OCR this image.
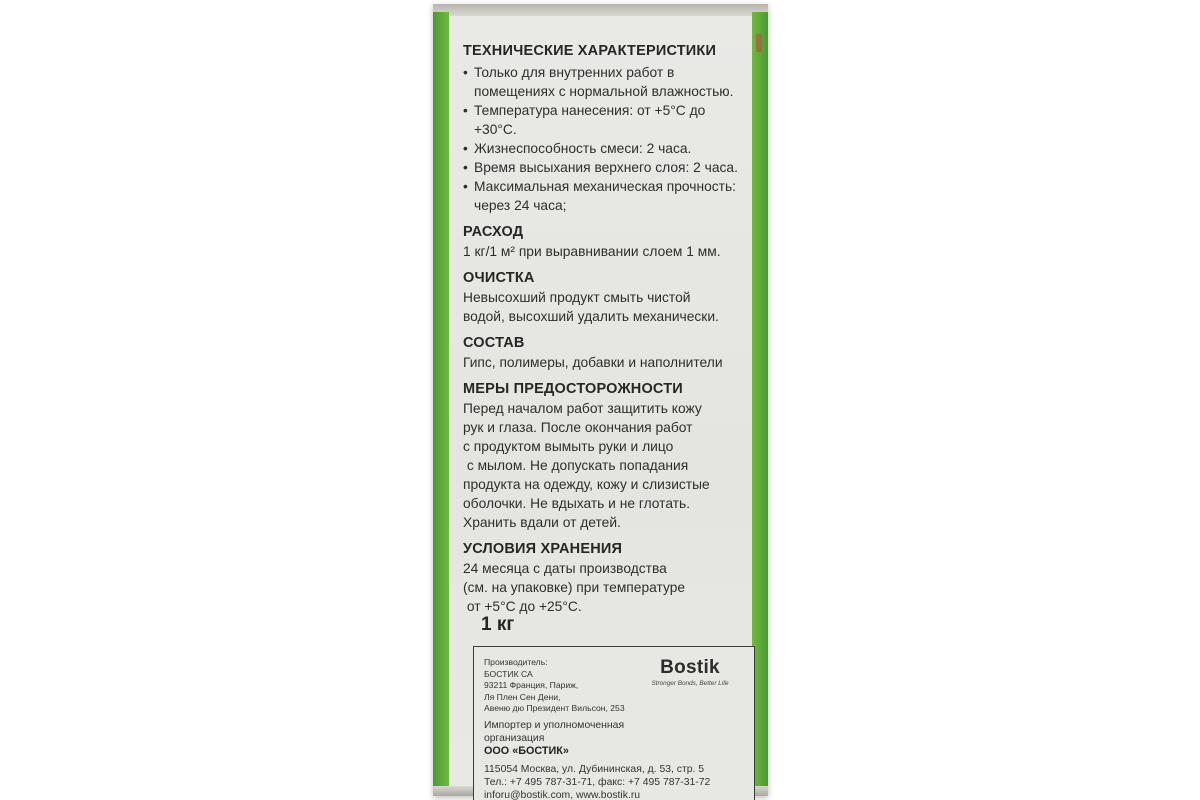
ТЕХНИЧЕСКИЕ ХАРАКТЕРИСТИКИ

• Только для внутренних работ в
помещениях с нормальной влажностью.
• Температура нанесения: от +5°С до +30°С.
• Жизнеспособность смеси: 2 часа.
• Время высыхания верхнего слоя: 2 часа.
• Максимальная механическая прочность:
через 24 часа;

РАСХОД

1 кг/1 м² при выравнивании слоем 1 мм.

ОЧИСТКА

Невысохший продукт смыть чистой

водой, высохший удалить механически.

СОСТАВ

Гипс, полимеры, добавки и наполнители

МЕРЫ ПРЕДОСТОРОЖНОСТИ

Перед началом работ защитить кожу

рук и глаза. После окончания работ

с продуктом вымыть руки и лицо

с мылом. Не допускать попадания

продукта на одежду, кожу и слизистые

оболочки. Не вдыхать и не глотать.

Хранить вдали от детей.

УСЛОВИЯ ХРАНЕНИЯ

24 месяца с даты производства

(см. на упаковке) при температуре

от +5°С до +25°С.

1 кг

Производитель:

БОСТИК СА

93211 Франция, Париж,

Ля Плен Сен Дени,

Авеню дю Президент Вильсон, 253

Импортер и уполномоченная

организация

ООО «БОСТИК»

115054 Москва, ул. Дубининская, д. 53, стр. 5

Тел.: +7 495 787-31-71, факс: +7 495 787-31-72

inforu@bostik.com, www.bostik.ru

Bostik
Stronger Bonds, Better Life
